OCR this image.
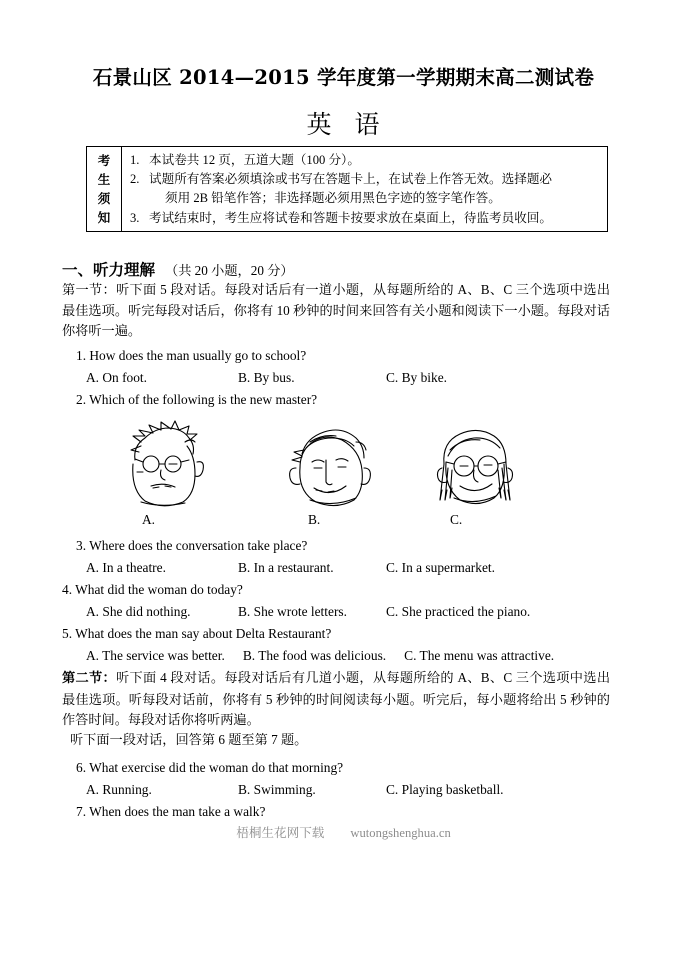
石景山区 2014—2015 学年度第一学期期末高二测试卷
英 语
考
生
须
知
1. 本试卷共 12 页，五道大题（100 分）。
2. 试题所有答案必须填涂或书写在答题卡上，在试卷上作答无效。选择题必
须用 2B 铅笔作答；非选择题必须用黑色字迹的签字笔作答。
3. 考试结束时，考生应将试卷和答题卡按要求放在桌面上，待监考员收回。
一、听力理解 （共 20 小题，20 分）
第一节：听下面 5 段对话。每段对话后有一道小题，从每题所给的 A、B、C 三个选项中选出最佳选项。听完每段对话后，你将有 10 秒钟的时间来回答有关小题和阅读下一小题。每段对话你将听一遍。
1. How does the man usually go to school?
A. On foot.	B. By bus.	C. By bike.
2. Which of the following is the new master?
A.	B.	C.
3. Where does the conversation take place?
A. In a theatre.	B. In a restaurant.	C. In a supermarket.
4. What did the woman do today?
A. She did nothing.	B. She wrote letters.	C. She practiced the piano.
5. What does the man say about Delta Restaurant?
A. The service was better. B. The food was delicious. C. The menu was attractive.
第二节：听下面 4 段对话。每段对话后有几道小题，从每题所给的 A、B、C 三个选项中选出最佳选项。听每段对话前，你将有 5 秒钟的时间阅读每小题。听完后，每小题将给出 5 秒钟的作答时间。每段对话你将听两遍。
听下面一段对话，回答第 6 题至第 7 题。
6. What exercise did the woman do that morning?
A. Running.	B. Swimming.	C. Playing basketball.
7. When does the man take a walk?
梧桐生花网下载 wutongshenghua.cn
